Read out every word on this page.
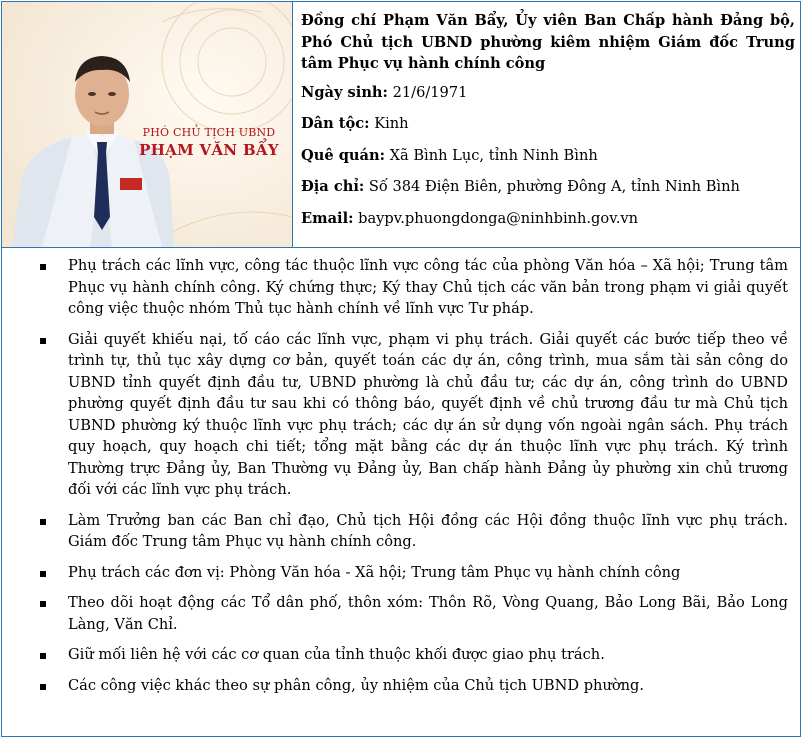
PHÓ CHỦ TỊCH UBND
PHẠM VĂN BẨY

Đồng chí Phạm Văn Bẩy, Ủy viên Ban Chấp hành Đảng bộ, Phó Chủ tịch UBND phường kiêm nhiệm Giám đốc Trung tâm Phục vụ hành chính công

Ngày sinh: 21/6/1971
Dân tộc: Kinh
Quê quán: Xã Bình Lục, tỉnh Ninh Bình
Địa chỉ: Số 384 Điện Biên, phường Đông A, tỉnh Ninh Bình
Email: baypv.phuongdonga@ninhbinh.gov.vn
Phụ trách các lĩnh vực, công tác thuộc lĩnh vực công tác của phòng Văn hóa – Xã hội; Trung tâm Phục vụ hành chính công. Ký chứng thực; Ký thay Chủ tịch các văn bản trong phạm vi giải quyết công việc thuộc nhóm Thủ tục hành chính về lĩnh vực Tư pháp.
Giải quyết khiếu nại, tố cáo các lĩnh vực, phạm vi phụ trách. Giải quyết các bước tiếp theo về trình tự, thủ tục xây dựng cơ bản, quyết toán các dự án, công trình, mua sắm tài sản công do UBND tỉnh quyết định đầu tư, UBND phường là chủ đầu tư; các dự án, công trình do UBND phường quyết định đầu tư sau khi có thông báo, quyết định về chủ trương đầu tư mà Chủ tịch UBND phường ký thuộc lĩnh vực phụ trách; các dự án sử dụng vốn ngoài ngân sách. Phụ trách quy hoạch, quy hoạch chi tiết; tổng mặt bằng các dự án thuộc lĩnh vực phụ trách. Ký trình Thường trực Đảng ủy, Ban Thường vụ Đảng ủy, Ban chấp hành Đảng ủy phường xin chủ trương đối với các lĩnh vực phụ trách.
Làm Trưởng ban các Ban chỉ đạo, Chủ tịch Hội đồng các Hội đồng thuộc lĩnh vực phụ trách. Giám đốc Trung tâm Phục vụ hành chính công.
Phụ trách các đơn vị: Phòng Văn hóa - Xã hội; Trung tâm Phục vụ hành chính công
Theo dõi hoạt động các Tổ dân phố, thôn xóm: Thôn Rõ, Vòng Quang, Bảo Long Bãi, Bảo Long Làng, Văn Chỉ.
Giữ mối liên hệ với các cơ quan của tỉnh thuộc khối được giao phụ trách.
Các công việc khác theo sự phân công, ủy nhiệm của Chủ tịch UBND phường.
